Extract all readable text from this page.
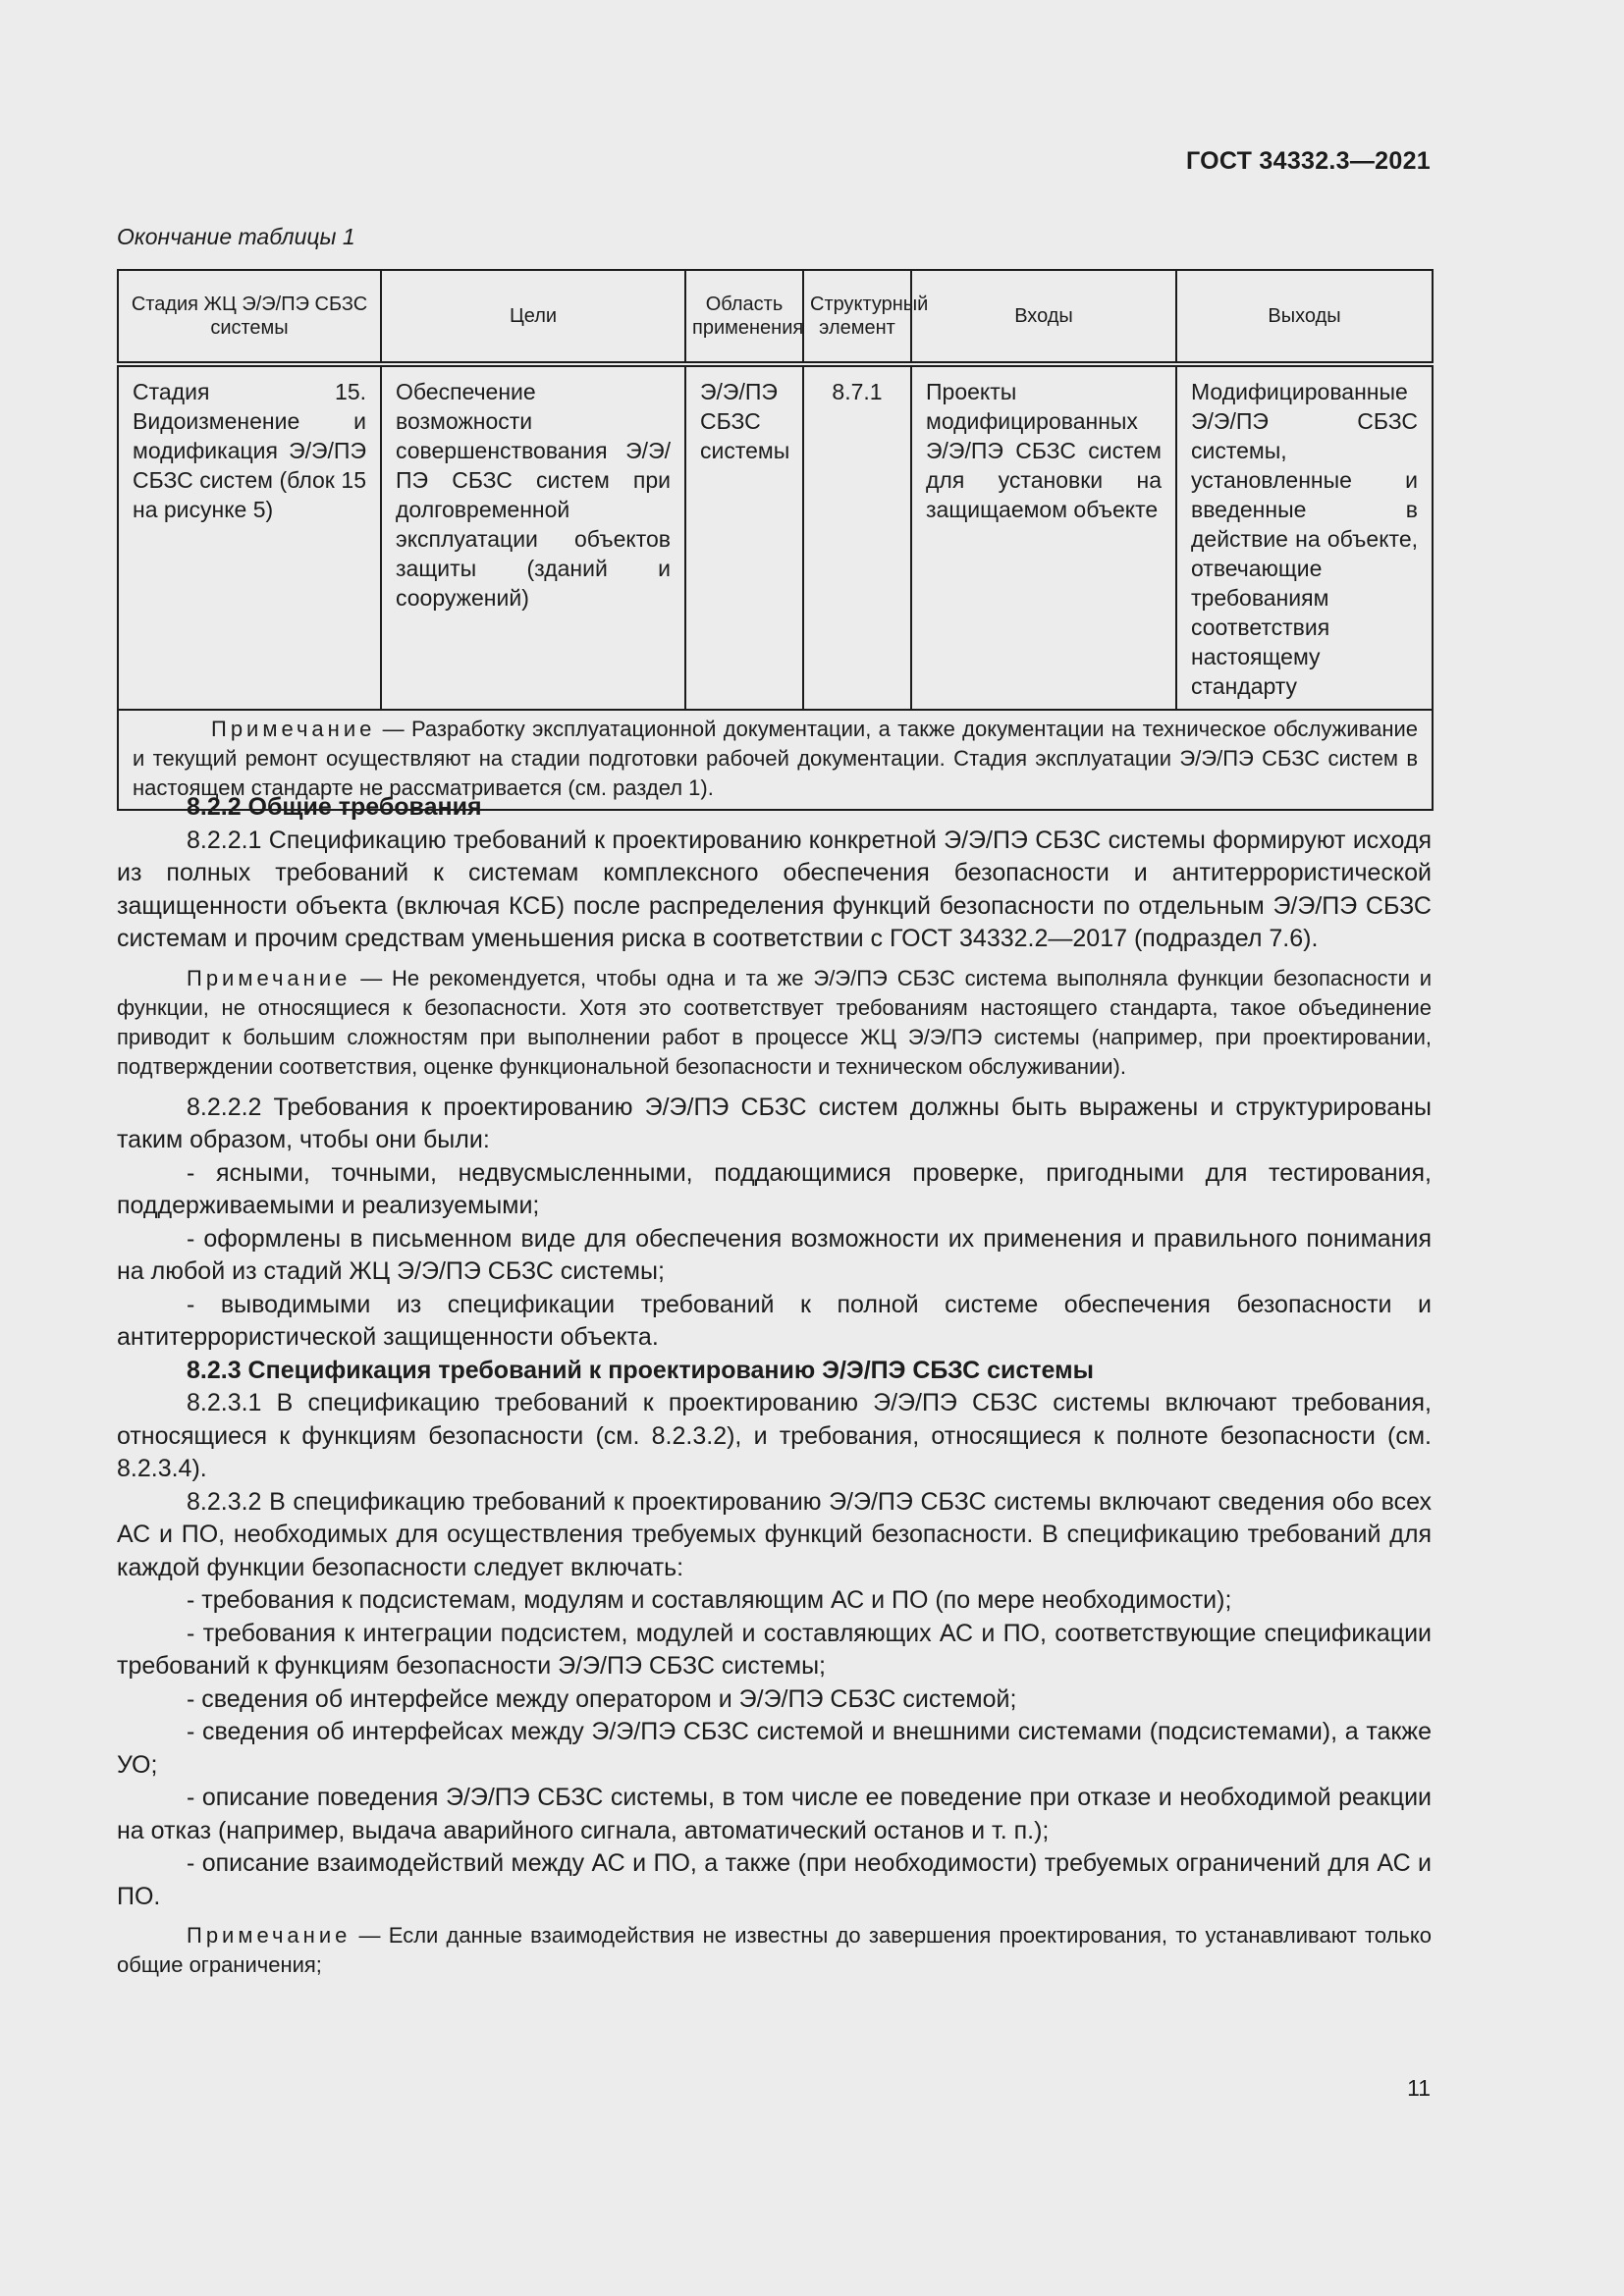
ГОСТ 34332.3—2021
Окончание таблицы 1
Стадия ЖЦ Э/Э/ПЭ СБЗС системы	Цели	Область применения	Структурный элемент	Входы	Выходы
Стадия 15. Видоизменение и модификация Э/Э/ПЭ СБЗС систем (блок 15 на рисунке 5)	Обеспечение возможности совершенствования Э/Э/ПЭ СБЗС систем при долговременной эксплуатации объектов защиты (зданий и сооружений)	Э/Э/ПЭ СБЗС системы	8.7.1	Проекты модифицированных Э/Э/ПЭ СБЗС систем для установки на защищаемом объекте	Модифицированные Э/Э/ПЭ СБЗС системы, установленные и введенные в действие на объекте, отвечающие требованиям соответствия настоящему стандарту
Примечание — Разработку эксплуатационной документации, а также документации на техническое обслуживание и текущий ремонт осуществляют на стадии подготовки рабочей документации. Стадия эксплуатации Э/Э/ПЭ СБЗС систем в настоящем стандарте не рассматривается (см. раздел 1).					

8.2.2 Общие требования

8.2.2.1 Спецификацию требований к проектированию конкретной Э/Э/ПЭ СБЗС системы формируют исходя из полных требований к системам комплексного обеспечения безопасности и антитеррористической защищенности объекта (включая КСБ) после распределения функций безопасности по отдельным Э/Э/ПЭ СБЗС системам и прочим средствам уменьшения риска в соответствии с ГОСТ 34332.2—2017 (подраздел 7.6).

Примечание — Не рекомендуется, чтобы одна и та же Э/Э/ПЭ СБЗС система выполняла функции безопасности и функции, не относящиеся к безопасности. Хотя это соответствует требованиям настоящего стандарта, такое объединение приводит к большим сложностям при выполнении работ в процессе ЖЦ Э/Э/ПЭ системы (например, при проектировании, подтверждении соответствия, оценке функциональной безопасности и техническом обслуживании).

8.2.2.2 Требования к проектированию Э/Э/ПЭ СБЗС систем должны быть выражены и структурированы таким образом, чтобы они были:

- ясными, точными, недвусмысленными, поддающимися проверке, пригодными для тестирования, поддерживаемыми и реализуемыми;

- оформлены в письменном виде для обеспечения возможности их применения и правильного понимания на любой из стадий ЖЦ Э/Э/ПЭ СБЗС системы;

- выводимыми из спецификации требований к полной системе обеспечения безопасности и антитеррористической защищенности объекта.

8.2.3 Спецификация требований к проектированию Э/Э/ПЭ СБЗС системы

8.2.3.1 В спецификацию требований к проектированию Э/Э/ПЭ СБЗС системы включают требования, относящиеся к функциям безопасности (см. 8.2.3.2), и требования, относящиеся к полноте безопасности (см. 8.2.3.4).

8.2.3.2 В спецификацию требований к проектированию Э/Э/ПЭ СБЗС системы включают сведения обо всех АС и ПО, необходимых для осуществления требуемых функций безопасности. В спецификацию требований для каждой функции безопасности следует включать:

- требования к подсистемам, модулям и составляющим АС и ПО (по мере необходимости);

- требования к интеграции подсистем, модулей и составляющих АС и ПО, соответствующие спецификации требований к функциям безопасности Э/Э/ПЭ СБЗС системы;

- сведения об интерфейсе между оператором и Э/Э/ПЭ СБЗС системой;

- сведения об интерфейсах между Э/Э/ПЭ СБЗС системой и внешними системами (подсистемами), а также УО;

- описание поведения Э/Э/ПЭ СБЗС системы, в том числе ее поведение при отказе и необходимой реакции на отказ (например, выдача аварийного сигнала, автоматический останов и т. п.);

- описание взаимодействий между АС и ПО, а также (при необходимости) требуемых ограничений для АС и ПО.

Примечание — Если данные взаимодействия не известны до завершения проектирования, то устанавливают только общие ограничения;

11
